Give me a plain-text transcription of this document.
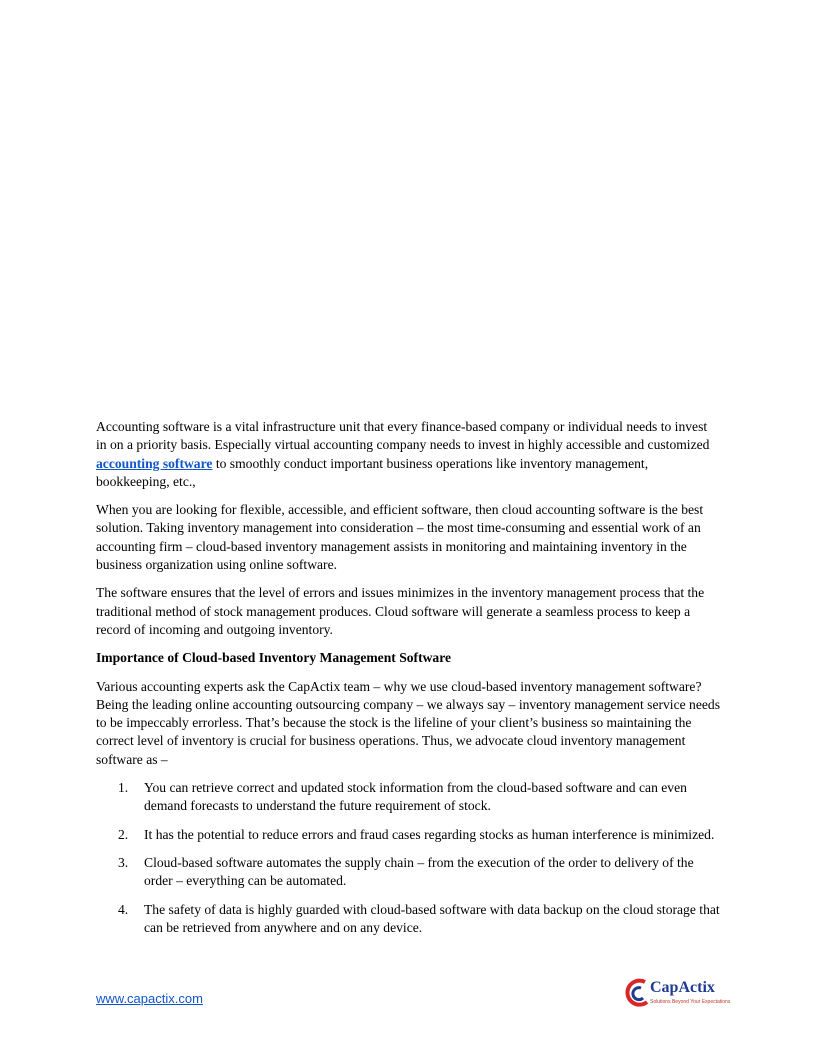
Accounting software is a vital infrastructure unit that every finance-based company or individual needs to invest in on a priority basis. Especially virtual accounting company needs to invest in highly accessible and customized accounting software to smoothly conduct important business operations like inventory management, bookkeeping, etc.,

When you are looking for flexible, accessible, and efficient software, then cloud accounting software is the best solution. Taking inventory management into consideration – the most time-consuming and essential work of an accounting firm – cloud-based inventory management assists in monitoring and maintaining inventory in the business organization using online software.

The software ensures that the level of errors and issues minimizes in the inventory management process that the traditional method of stock management produces. Cloud software will generate a seamless process to keep a record of incoming and outgoing inventory.

Importance of Cloud-based Inventory Management Software

Various accounting experts ask the CapActix team – why we use cloud-based inventory management software? Being the leading online accounting outsourcing company – we always say – inventory management service needs to be impeccably errorless. That’s because the stock is the lifeline of your client’s business so maintaining the correct level of inventory is crucial for business operations. Thus, we advocate cloud inventory management software as –

1. You can retrieve correct and updated stock information from the cloud-based software and can even demand forecasts to understand the future requirement of stock.
2. It has the potential to reduce errors and fraud cases regarding stocks as human interference is minimized.
3. Cloud-based software automates the supply chain – from the execution of the order to delivery of the order – everything can be automated.
4. The safety of data is highly guarded with cloud-based software with data backup on the cloud storage that can be retrieved from anywhere and on any device.
www.capactix.com
CapActix
Solutions Beyond Your Expectations
